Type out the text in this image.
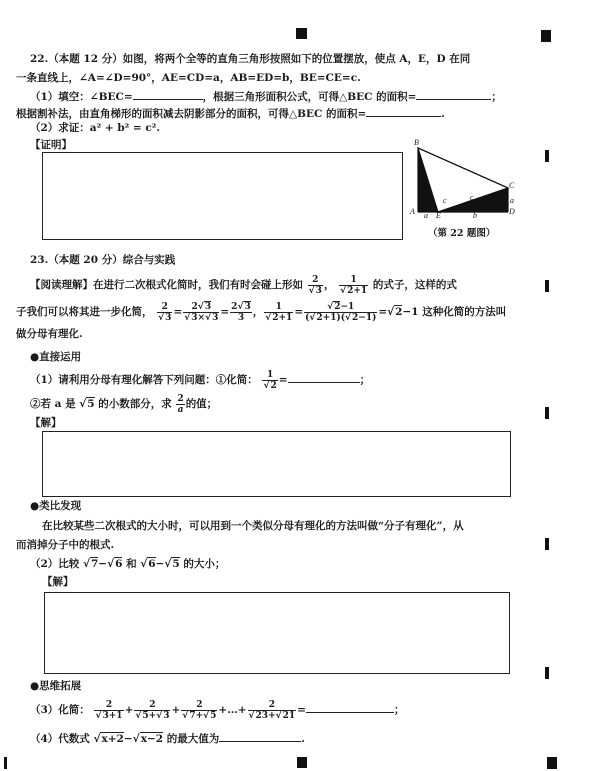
22.（本题 12 分）如图，将两个全等的直角三角形按照如下的位置摆放，使点 A，E，D 在同
一条直线上，∠A=∠D=90°，AE=CD=a，AB=ED=b，BE=CE=c.
（1）填空：∠BEC=	，根据三角形面积公式，可得△BEC 的面积=	；
根据割补法，由直角梯形的面积减去阴影部分的面积，可得△BEC 的面积=	.
（2）求证：a² + b² = c².
【证明】	B
A	E	D
C
a	b
c	a
b
c
（第 22 题图）
23.（本题 20 分）综合与实践
【阅读理解】在进行二次根式化简时，我们有时会碰上形如 $\frac{2}{√3}$ ， $\frac{1}{√2+1}$ 的式子，这样的式
子我们可以将其进一步化简， $\frac{2}{√3} = \frac{2√3}{√3\times√3} = \frac{2√3}{3}$ ， $\frac{1}{√2+1} = \frac{√2-1}{(√2+1)(√2-1)} =√2-1$ 这种化简的方法叫
做分母有理化.
●直接运用
（1）请利用分母有理化解答下列问题：①化简： $\frac{1}{√2}$ =	；
②若 a 是 √5 的小数部分，求 $\frac{2}{a}$ 的值；
【解】
●类比发现
在比较某些二次根式的大小时，可以用到一个类似分母有理化的方法叫做“分子有理化”，从
而消掉分子中的根式.
（2）比较 √7−√6 和 √6−√5 的大小；
【解】
●思维拓展
（3）化简： $\frac{2}{√3+1} + \frac{2}{√5+√3} + \frac{2}{√7+√5}$ +…+ $\frac{2}{√23+√21}$ =	；
（4）代数式 √x+2−√x−2 的最大值为	.
